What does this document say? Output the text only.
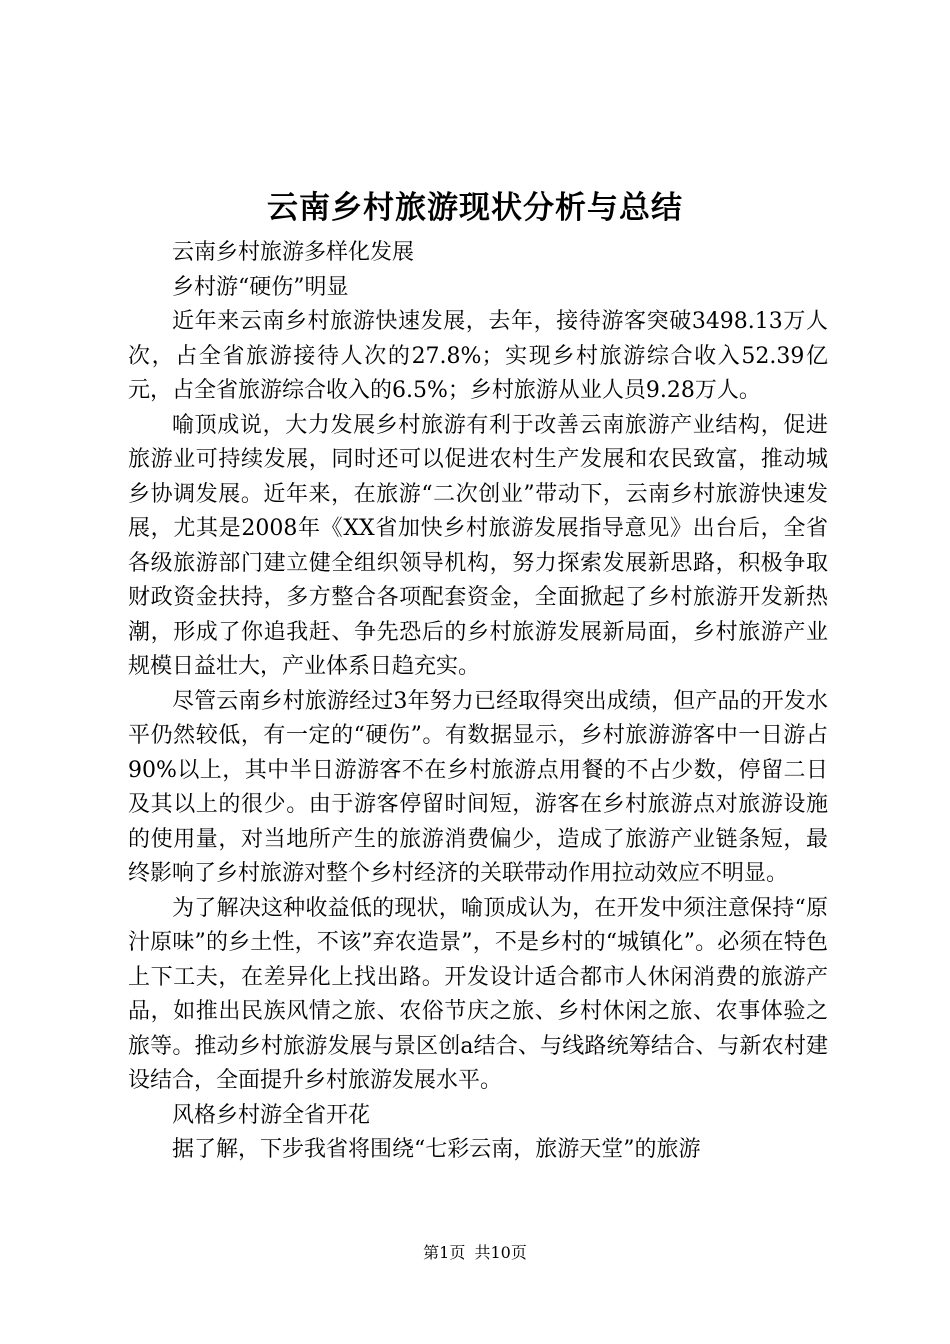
云南乡村旅游现状分析与总结

云南乡村旅游多样化发展

乡村游“硬伤”明显

近年来云南乡村旅游快速发展，去年，接待游客突破3498.13万人次，占全省旅游接待人次的27.8%；实现乡村旅游综合收入52.39亿元，占全省旅游综合收入的6.5%；乡村旅游从业人员9.28万人。

喻顶成说，大力发展乡村旅游有利于改善云南旅游产业结构，促进旅游业可持续发展，同时还可以促进农村生产发展和农民致富，推动城乡协调发展。近年来，在旅游“二次创业”带动下，云南乡村旅游快速发展，尤其是2008年《XX省加快乡村旅游发展指导意见》出台后，全省各级旅游部门建立健全组织领导机构，努力探索发展新思路，积极争取财政资金扶持，多方整合各项配套资金，全面掀起了乡村旅游开发新热潮，形成了你追我赶、争先恐后的乡村旅游发展新局面，乡村旅游产业规模日益壮大，产业体系日趋充实。

尽管云南乡村旅游经过3年努力已经取得突出成绩，但产品的开发水平仍然较低，有一定的“硬伤”。有数据显示，乡村旅游游客中一日游占90%以上，其中半日游游客不在乡村旅游点用餐的不占少数，停留二日及其以上的很少。由于游客停留时间短，游客在乡村旅游点对旅游设施的使用量，对当地所产生的旅游消费偏少，造成了旅游产业链条短，最终影响了乡村旅游对整个乡村经济的关联带动作用拉动效应不明显。

为了解决这种收益低的现状，喻顶成认为，在开发中须注意保持“原汁原味”的乡土性，不该”弃农造景”，不是乡村的“城镇化”。必须在特色上下工夫，在差异化上找出路。开发设计适合都市人休闲消费的旅游产品，如推出民族风情之旅、农俗节庆之旅、乡村休闲之旅、农事体验之旅等。推动乡村旅游发展与景区创a结合、与线路统筹结合、与新农村建设结合，全面提升乡村旅游发展水平。

风格乡村游全省开花

据了解，下步我省将围绕“七彩云南，旅游天堂”的旅游

第1页 共10页
